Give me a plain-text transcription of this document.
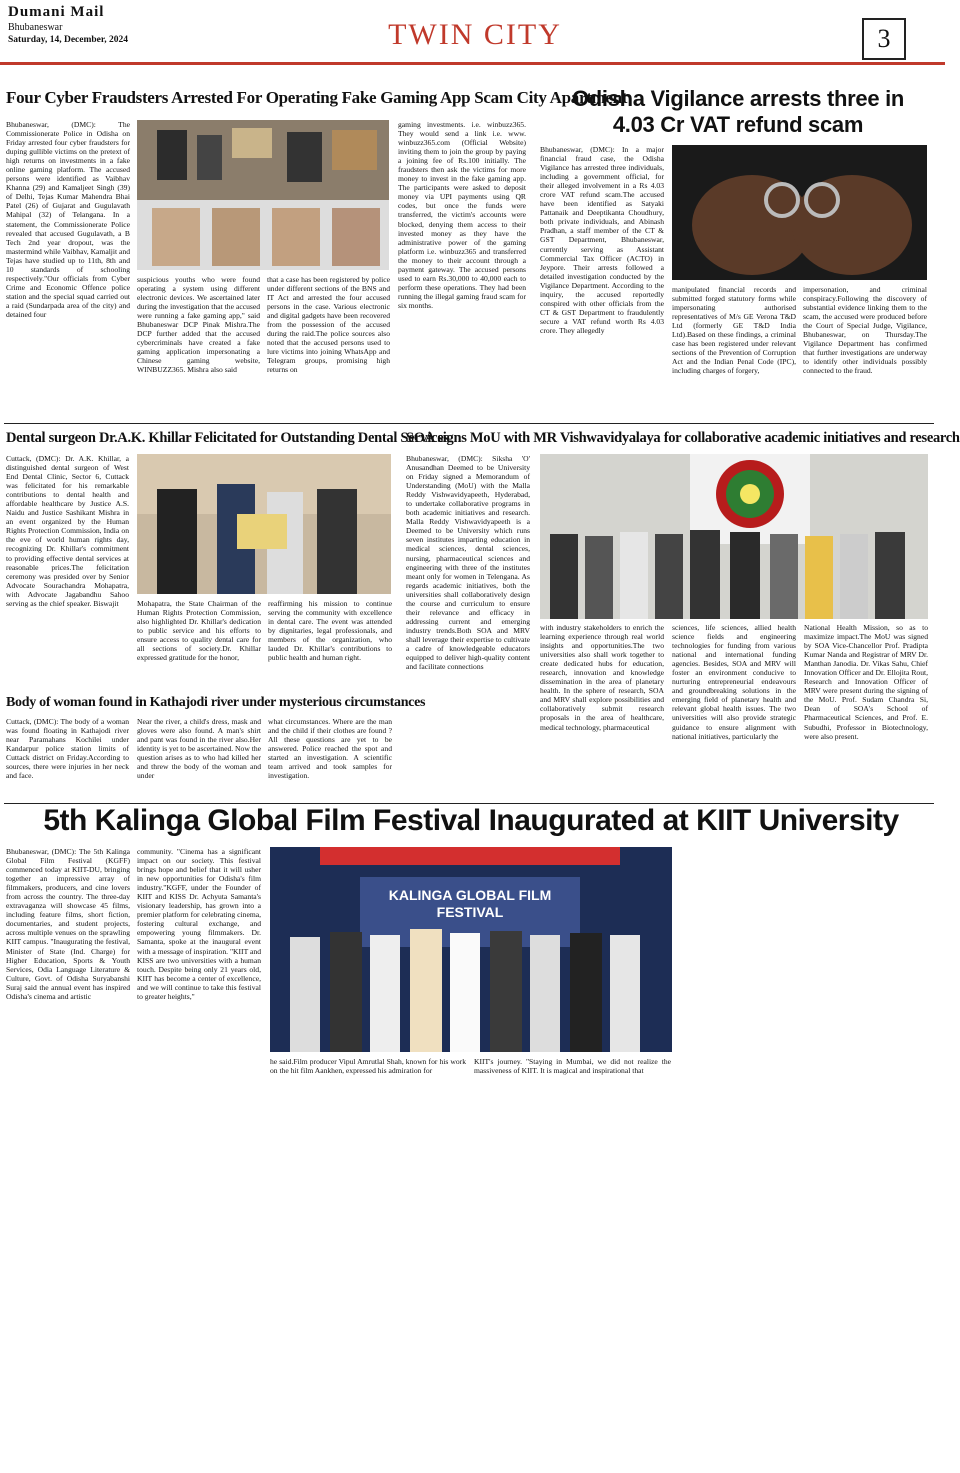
Dumani Mail
Bhubaneswar
Saturday, 14, December, 2024	TWIN CITY	3
Four Cyber Fraudsters Arrested For Operating Fake Gaming App Scam City Apartment
Bhubaneswar, (DMC): The Commissionerate Police in Odisha on Friday arrested four cyber fraudsters for duping gullible victims on the pretext of high returns on investments in a fake online gaming platform. The accused persons were identified as Vaibhav Khanna (29) and Kamaljeet Singh (39) of Delhi, Tejas Kumar Mahendra Bhai Patel (26) of Gujarat and Gugulavath Mahipal (32) of Telangana. In a statement, the Commissionerate Police revealed that accused Gugulavath, a B Tech 2nd year dropout, was the mastermind while Vaibhav, Kamaljit and Tejas have studied up to 11th, 8th and 10 standards of schooling respectively."Our officials from Cyber Crime and Economic Offence police station and the special squad carried out a raid (Sundarpada area of the city) and detained four
suspicious youths who were found operating a system using different electronic devices. We ascertained later during the investigation that the accused were running a fake gaming app," said Bhubaneswar DCP Pinak Mishra.The DCP further added that the accused cybercriminals have created a fake gaming application impersonating a Chinese gaming website, WINBUZZ365. Mishra also said
that a case has been registered by police under different sections of the BNS and IT Act and arrested the four accused persons in the case. Various electronic and digital gadgets have been recovered from the possession of the accused during the raid.The police sources also noted that the accused persons used to lure victims into joining WhatsApp and Telegram groups, promising high returns on
gaming investments. i.e. winbuzz365. They would send a link i.e. www. winbuzz365.com (Official Website) inviting them to join the group by paying a joining fee of Rs.100 initially. The fraudsters then ask the victims for more money to invest in the fake gaming app. The participants were asked to deposit money via UPI payments using QR codes, but once the funds were transferred, the victim's accounts were blocked, denying them access to their invested money as they have the administrative power of the gaming platform i.e. winbuzz365 and transferred the money to their account through a payment gateway. The accused persons used to earn Rs.30,000 to 40,000 each to perform these operations. They had been running the illegal gaming fraud scam for six months.
Odisha Vigilance arrests three in
4.03 Cr VAT refund scam
Bhubaneswar, (DMC): In a major financial fraud case, the Odisha Vigilance has arrested three individuals, including a government official, for their alleged involvement in a Rs 4.03 crore VAT refund scam.The accused have been identified as Satyaki Pattanaik and Deeptikanta Choudhury, both private individuals, and Abinash Pradhan, a staff member of the CT & GST Department, Bhubaneswar, currently serving as Assistant Commercial Tax Officer (ACTO) in Jeypore. Their arrests followed a detailed investigation conducted by the Vigilance Department. According to the inquiry, the accused reportedly conspired with other officials from the CT & GST Department to fraudulently secure a VAT refund worth Rs 4.03 crore. They allegedly
manipulated financial records and submitted forged statutory forms while impersonating authorised representatives of M/s GE Verona T&D Ltd (formerly GE T&D India Ltd).Based on these findings, a criminal case has been registered under relevant sections of the Prevention of Corruption Act and the Indian Penal Code (IPC), including charges of forgery,
impersonation, and criminal conspiracy.Following the discovery of substantial evidence linking them to the scam, the accused were produced before the Court of Special Judge, Vigilance, Bhubaneswar, on Thursday.The Vigilance Department has confirmed that further investigations are underway to identify other individuals possibly connected to the fraud.
Dental surgeon Dr.A.K. Khillar Felicitated for Outstanding Dental Services
Cuttack, (DMC): Dr. A.K. Khillar, a distinguished dental surgeon of West End Dental Clinic, Sector 6, Cuttack was felicitated for his remarkable contributions to dental health and affordable healthcare by Justice A.S. Naidu and Justice Sashikant Mishra in an event organized by the Human Rights Protection Commission, India on the eve of world human rights day, recognizing Dr. Khillar's commitment to providing effective dental services at reasonable prices.The felicitation ceremony was presided over by Senior Advocate Sourachandra Mohapatra, with Advocate Jagabandhu Sahoo serving as the chief speaker. Biswajit	Mohapatra, the State Chairman of the Human Rights Protection Commission, also highlighted Dr. Khillar's dedication to public service and his efforts to ensure access to quality dental care for all sections of society.Dr. Khillar expressed gratitude for the honor,
reaffirming his mission to continue serving the community with excellence in dental care. The event was attended by dignitaries, legal professionals, and members of the organization, who lauded Dr. Khillar's contributions to public health and human right.
Body of woman found in Kathajodi river under mysterious circumstances
Cuttack, (DMC): The body of a woman was found floating in Kathajodi river near Paramahans Kochilei under Kandarpur police station limits of Cuttack district on Friday.According to sources, there were injuries in her neck and face.
Near the river, a child's dress, mask and gloves were also found. A man's shirt and pant was found in the river also.Her identity is yet to be ascertained. Now the question arises as to who had killed her and threw the body of the woman and under
what circumstances. Where are the man and the child if their clothes are found ? All these questions are yet to be answered. Police reached the spot and started an investigation. A scientific team arrived and took samples for investigation.
SOA signs MoU with MR Vishwavidyalaya for collaborative academic initiatives and research
Bhubaneswar, (DMC): Siksha 'O' Anusandhan Deemed to be University on Friday signed a Memorandum of Understanding (MoU) with the Malla Reddy Vishwavidyapeeth, Hyderabad, to undertake collaborative programs in both academic initiatives and research. Malla Reddy Vishwavidyapeeth is a Deemed to be University which runs seven institutes imparting education in medical sciences, dental sciences, nursing, pharmaceutical sciences and engineering with three of the institutes meant only for women in Telengana. As regards academic initiatives, both the universities shall collaboratively design the course and curriculum to ensure their relevance and efficacy in addressing current and emerging industry trends.Both SOA and MRV shall leverage their expertise to cultivate a cadre of knowledgeable educators equipped to deliver high-quality content and facilitate connections
with industry stakeholders to enrich the learning experience through real world insights and opportunities.The two universities also shall work together to create dedicated hubs for education, research, innovation and knowledge dissemination in the area of planetary health. In the sphere of research, SOA and MRV shall explore possibilities and collaboratively submit research proposals in the area of healthcare, medical technology, pharmaceutical
sciences, life sciences, allied health science fields and engineering technologies for funding from various national and international funding agencies. Besides, SOA and MRV will foster an environment conducive to nurturing entrepreneurial endeavours and groundbreaking solutions in the emerging field of planetary health and relevant global health issues. The two universities will also provide strategic guidance to ensure alignment with national initiatives, particularly the
National Health Mission, so as to maximize impact.The MoU was signed by SOA Vice-Chancellor Prof. Pradipta Kumar Nanda and Registrar of MRV Dr. Manthan Janodia. Dr. Vikas Sahu, Chief Innovation Officer and Dr. Ellojita Rout, Research and Innovation Officer of MRV were present during the signing of the MoU. Prof. Sudam Chandra Si, Dean of SOA's School of Pharmaceutical Sciences, and Prof. E. Subudhi, Professor in Biotechnology, were also present.
5th Kalinga Global Film Festival Inaugurated at KIIT University
Bhubaneswar, (DMC): The 5th Kalinga Global Film Festival (KGFF) commenced today at KIIT-DU, bringing together an impressive array of filmmakers, producers, and cine lovers from across the country. The three-day extravaganza will showcase 45 films, including feature films, short fiction, documentaries, and student projects, across multiple venues on the sprawling KIIT campus. "Inaugurating the festival, Minister of State (Ind. Charge) for Higher Education, Sports & Youth Services, Odia Language Literature & Culture, Govt. of Odisha Suryabanshi Suraj said the annual event has inspired Odisha's cinema and artistic
community. "Cinema has a significant impact on our society. This festival brings hope and belief that it will usher in new opportunities for Odisha's film industry."KGFF, under the Founder of KIIT and KISS Dr. Achyuta Samanta's visionary leadership, has grown into a premier platform for celebrating cinema, fostering cultural exchange, and empowering young filmmakers. Dr. Samanta, spoke at the inaugural event with a message of inspiration. "KIIT and KISS are two universities with a human touch. Despite being only 21 years old, KIIT has become a center of excellence, and we will continue to take this festival to greater heights,"
KALINGA GLOBAL FILM FESTIVAL
he said.Film producer Vipul Amrutlal Shah, known for his work on the hit film Aankhen, expressed his admiration for
KIIT's journey. "Staying in Mumbai, we did not realize the massiveness of KIIT. It is magical and inspirational that
